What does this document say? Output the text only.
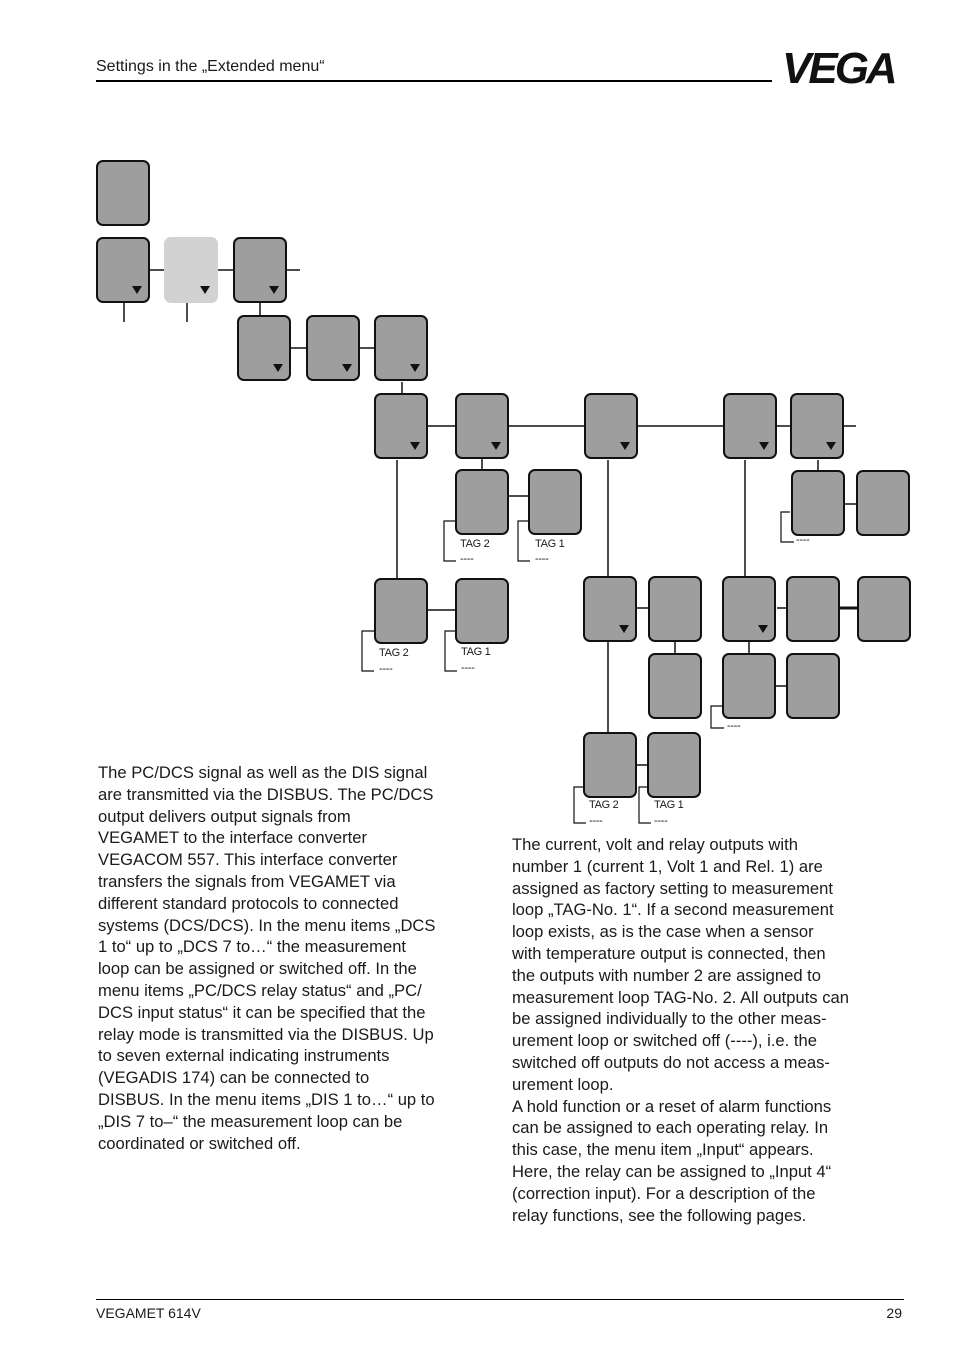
Settings in the „Extended menu“	VEGA
TAG 2
----
TAG 1
----
----
TAG 2
----
TAG 1
----
----
TAG 2
----
TAG 1
----
The PC/DCS signal as well as the DIS signal
are transmitted via the DISBUS. The PC/DCS
output delivers output signals from
VEGAMET to the interface converter
VEGACOM 557. This interface converter
transfers the signals from VEGAMET via
different standard protocols to connected
systems (DCS/DCS). In the menu items „DCS
1 to“ up to „DCS 7 to…“ the measurement
loop can be assigned or switched off. In the
menu items „PC/DCS relay status“ and „PC/
DCS input status“ it can be specified that the
relay mode is transmitted via the DISBUS. Up
to seven external indicating instruments
(VEGADIS 174) can be connected to
DISBUS. In the menu items „DIS 1 to…“ up to
„DIS 7 to–“ the measurement loop can be
coordinated or switched off.
The current, volt and relay outputs with
number 1 (current 1, Volt 1 and Rel. 1) are
assigned as factory setting to measurement
loop „TAG-No. 1“. If a second measurement
loop exists, as is the case when a sensor
with temperature output is connected, then
the outputs with number 2 are assigned to
measurement loop TAG-No. 2. All outputs can
be assigned individually to the other meas-
urement loop or switched off (----), i.e. the
switched off outputs do not access a meas-
urement loop.
A hold function or a reset of alarm functions
can be assigned to each operating relay. In
this case, the menu item „Input“ appears.
Here, the relay can be assigned to „Input 4“
(correction input). For a description of the
relay functions, see the following pages.
VEGAMET 614V	29
